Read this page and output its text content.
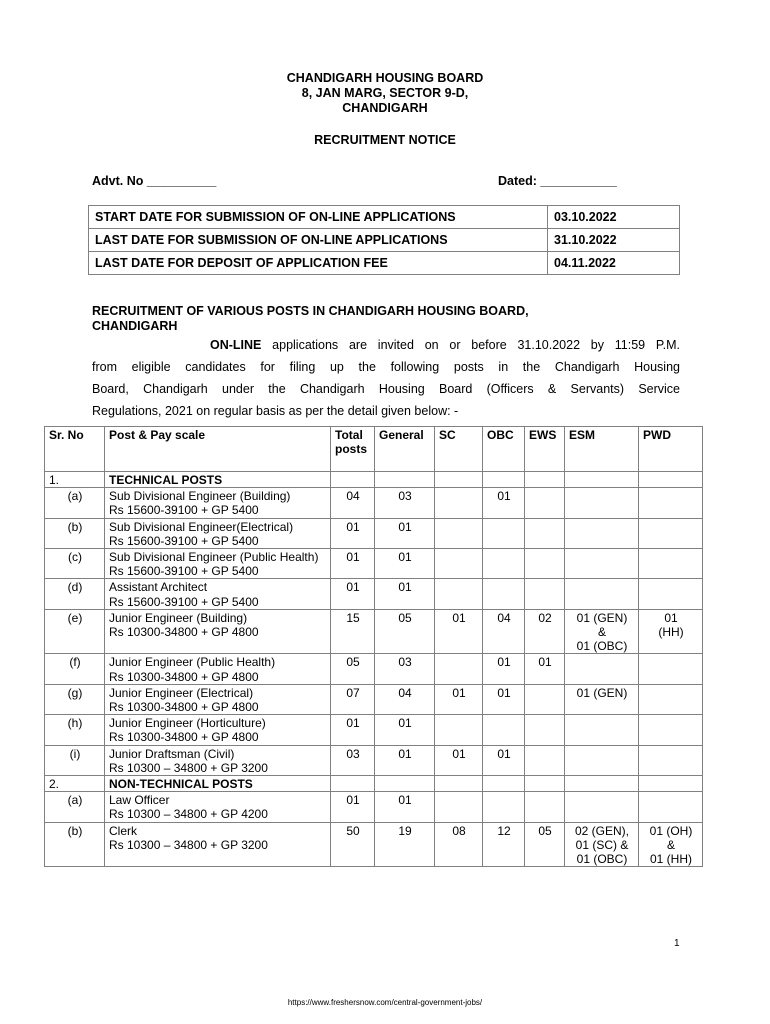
CHANDIGARH HOUSING BOARD
8, JAN MARG, SECTOR 9-D,
CHANDIGARH
RECRUITMENT NOTICE
Advt. No __________	Dated: ___________
START DATE FOR SUBMISSION OF ON-LINE APPLICATIONS	03.10.2022
LAST DATE FOR SUBMISSION OF ON-LINE APPLICATIONS	31.10.2022
LAST DATE FOR DEPOSIT OF APPLICATION FEE	04.11.2022
RECRUITMENT OF VARIOUS POSTS IN CHANDIGARH HOUSING BOARD,
CHANDIGARH
ON-LINE applications are invited on or before 31.10.2022 by 11:59 P.M.
from eligible candidates for filing up the following posts in the Chandigarh Housing
Board, Chandigarh under the Chandigarh Housing Board (Officers & Servants) Service
Regulations, 2021 on regular basis as per the detail given below: -
Sr. No	Post & Pay scale	Total posts	General	SC	OBC	EWS	ESM	PWD
1.	TECHNICAL POSTS							
(a)	Sub Divisional Engineer (Building)
Rs 15600-39100 + GP 5400	04	03		01			
(b)	Sub Divisional Engineer(Electrical)
Rs 15600-39100 + GP 5400	01	01					
(c)	Sub Divisional Engineer (Public Health)
Rs 15600-39100 + GP 5400	01	01					
(d)	Assistant Architect
Rs 15600-39100 + GP 5400	01	01					
(e)	Junior Engineer (Building)
Rs 10300-34800 + GP 4800	15	05	01	04	02	01 (GEN)
&
01 (OBC)	01
(HH)
(f)	Junior Engineer (Public Health)
Rs 10300-34800 + GP 4800	05	03		01	01		
(g)	Junior Engineer (Electrical)
Rs 10300-34800 + GP 4800	07	04	01	01		01 (GEN)	
(h)	Junior Engineer (Horticulture)
Rs 10300-34800 + GP 4800	01	01					
(i)	Junior Draftsman (Civil)
Rs 10300 – 34800 + GP 3200	03	01	01	01			
2.	NON-TECHNICAL POSTS							
(a)	Law Officer
Rs 10300 – 34800 + GP 4200	01	01					
(b)	Clerk
Rs 10300 – 34800 + GP 3200	50	19	08	12	05	02 (GEN),
01 (SC) &
01 (OBC)	01 (OH)
&
01 (HH)
1
https://www.freshersnow.com/central-government-jobs/
